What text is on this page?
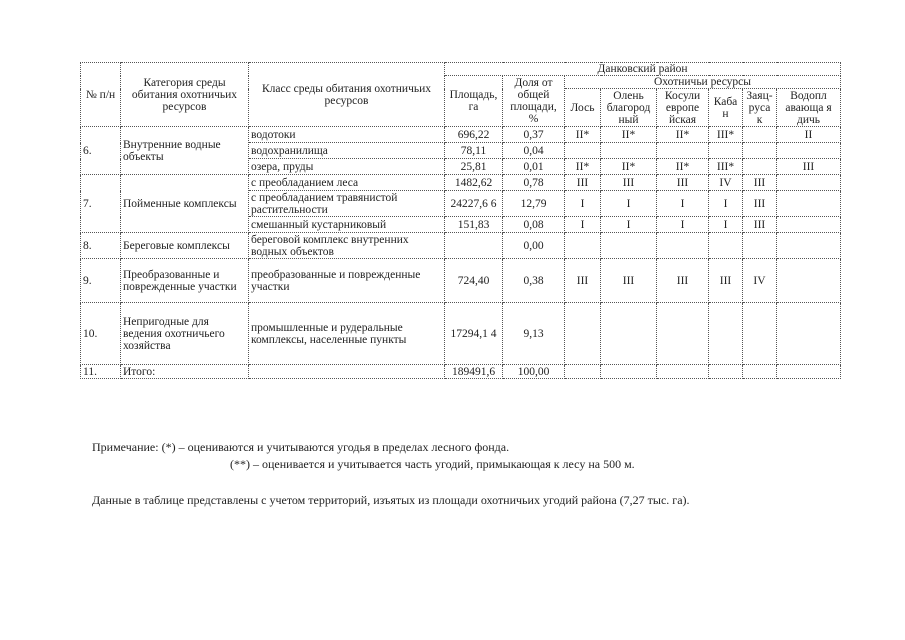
№ п/н	Категория среды обитания охотничьих ресурсов	Класс среды обитания охотничьих ресурсов	Данковский район							
			Площадь, га	Доля от общей площади, %	Охотничьи ресурсы					
					Лось	Олень благород ный	Косули европе йская	Каба н	Заяц-руса к	Водопл авающа я дичь
6.	Внутренние водные объекты	водотоки	696,22	0,37	II*	II*	II*	III*		II
		водохранилища	78,11	0,04						
		озера, пруды	25,81	0,01	II*	II*	II*	III*		III
7.	Пойменные комплексы	с преобладанием леса	1482,62	0,78	III	III	III	IV	III	
		с преобладанием травянистой растительности	24227,6 6	12,79	I	I	I	I	III	
		смешанный кустарниковый	151,83	0,08	I	I	I	I	III	
8.	Береговые комплексы	береговой комплекс внутренних водных объектов		0,00						
9.	Преобразованные и поврежденные участки	преобразованные и поврежденные участки	724,40	0,38	III	III	III	III	IV	
10.	Непригодные для ведения охотничьего хозяйства	промышленные и рудеральные комплексы, населенные пункты	17294,1 4	9,13						
11.	Итого:		189491,6	100,00						
Примечание: (*) – оцениваются и учитываются угодья в пределах лесного фонда.
(**) – оценивается и учитывается часть угодий, примыкающая к лесу на 500 м.
Данные в таблице представлены с учетом территорий, изъятых из площади охотничьих угодий района (7,27 тыс. га).
